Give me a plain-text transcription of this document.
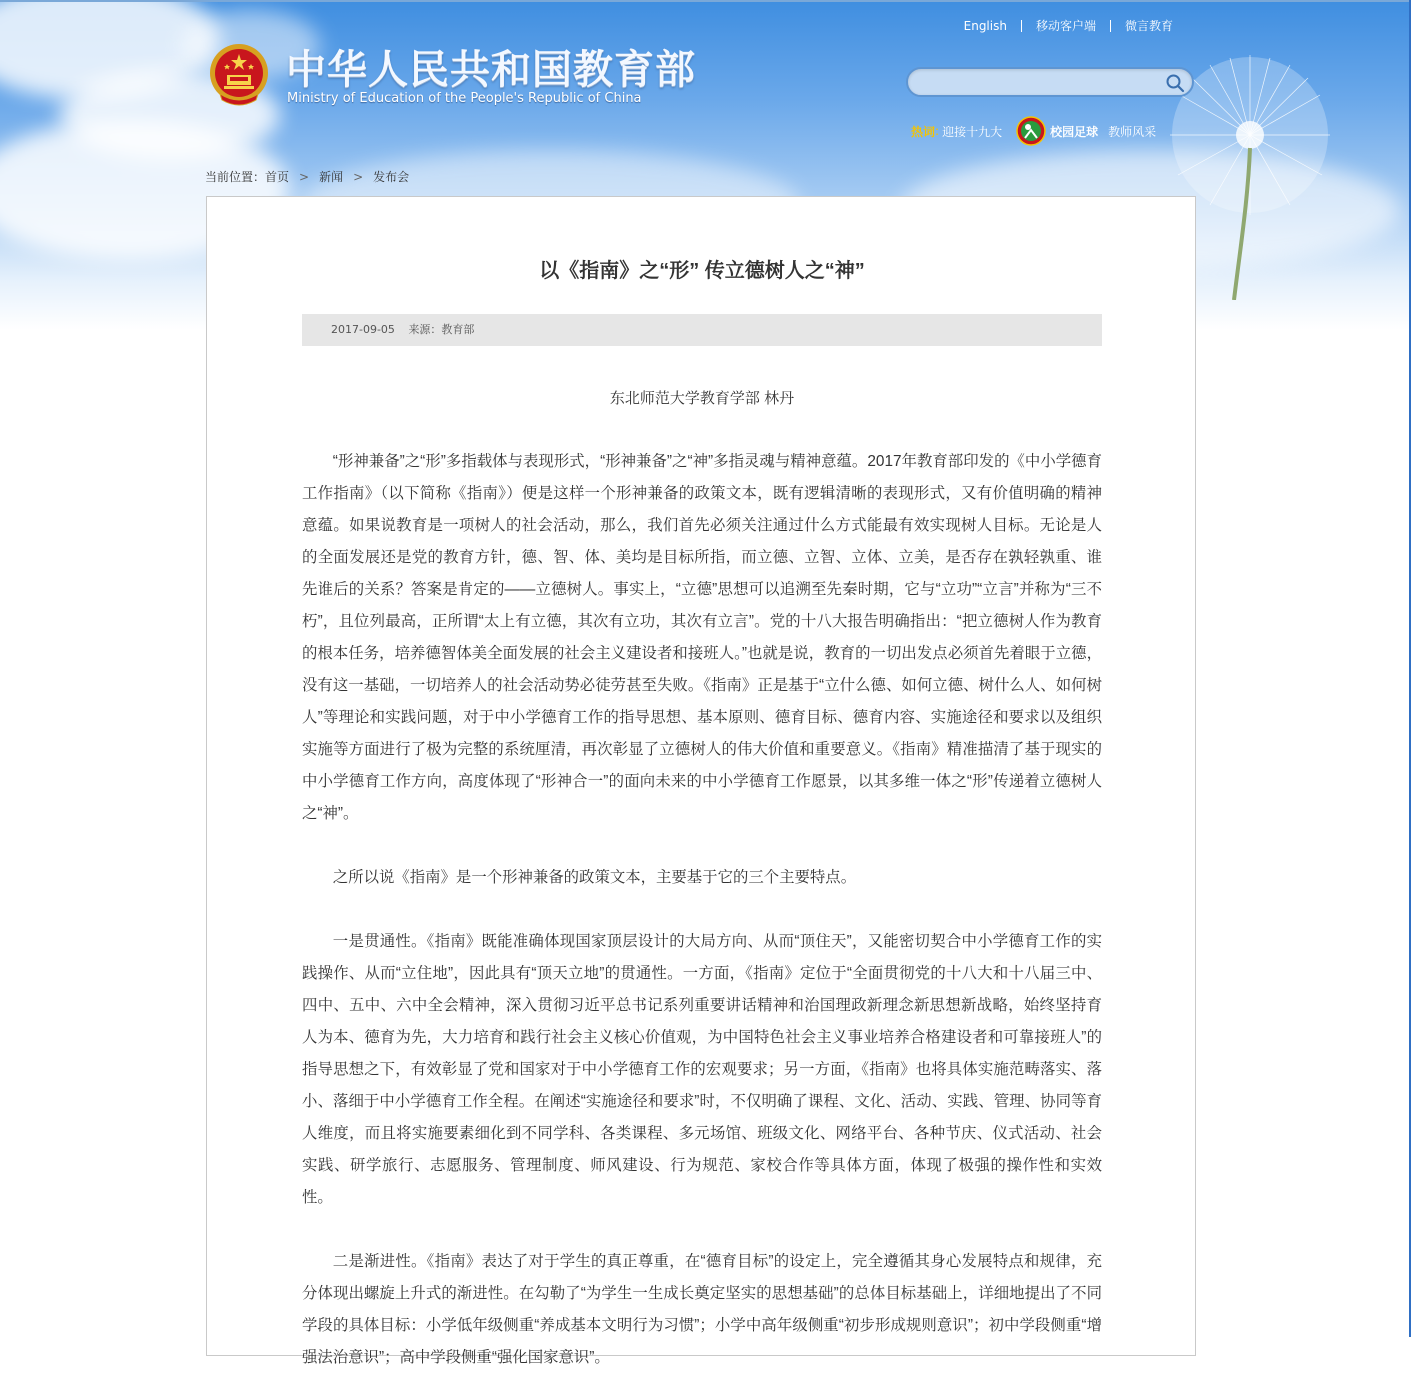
中华人民共和国教育部
Ministry of Education of the People's Republic of China
English 移动客户端 微言教育
热词 : 迎接十九大	校园足球 教师风采
当前位置： 首页 > 新闻 > 发布会
以《指南》之“形” 传立德树人之“神”
2017-09-05 来源：教育部
东北师范大学教育学部 林丹

“形神兼备”之“形”多指载体与表现形式，“形神兼备”之“神”多指灵魂与精神意蕴。2017年教育部印发的《中小学德育工作指南》（以下简称《指南》）便是这样一个形神兼备的政策文本，既有逻辑清晰的表现形式，又有价值明确的精神意蕴。如果说教育是一项树人的社会活动，那么，我们首先必须关注通过什么方式能最有效实现树人目标。无论是人的全面发展还是党的教育方针，德、智、体、美均是目标所指，而立德、立智、立体、立美，是否存在孰轻孰重、谁先谁后的关系？答案是肯定的——立德树人。事实上，“立德”思想可以追溯至先秦时期，它与“立功”“立言”并称为“三不朽”，且位列最高，正所谓“太上有立德，其次有立功，其次有立言”。党的十八大报告明确指出：“把立德树人作为教育的根本任务，培养德智体美全面发展的社会主义建设者和接班人。”也就是说，教育的一切出发点必须首先着眼于立德，没有这一基础，一切培养人的社会活动势必徒劳甚至失败。《指南》正是基于“立什么德、如何立德、树什么人、如何树人”等理论和实践问题，对于中小学德育工作的指导思想、基本原则、德育目标、德育内容、实施途径和要求以及组织实施等方面进行了极为完整的系统厘清，再次彰显了立德树人的伟大价值和重要意义。《指南》精准描清了基于现实的中小学德育工作方向，高度体现了“形神合一”的面向未来的中小学德育工作愿景，以其多维一体之“形”传递着立德树人之“神”。

之所以说《指南》是一个形神兼备的政策文本，主要基于它的三个主要特点。

一是贯通性。《指南》既能准确体现国家顶层设计的大局方向、从而“顶住天”，又能密切契合中小学德育工作的实践操作、从而“立住地”，因此具有“顶天立地”的贯通性。一方面，《指南》定位于“全面贯彻党的十八大和十八届三中、四中、五中、六中全会精神，深入贯彻习近平总书记系列重要讲话精神和治国理政新理念新思想新战略，始终坚持育人为本、德育为先，大力培育和践行社会主义核心价值观，为中国特色社会主义事业培养合格建设者和可靠接班人”的指导思想之下，有效彰显了党和国家对于中小学德育工作的宏观要求；另一方面，《指南》也将具体实施范畴落实、落小、落细于中小学德育工作全程。在阐述“实施途径和要求”时，不仅明确了课程、文化、活动、实践、管理、协同等育人维度，而且将实施要素细化到不同学科、各类课程、多元场馆、班级文化、网络平台、各种节庆、仪式活动、社会实践、研学旅行、志愿服务、管理制度、师风建设、行为规范、家校合作等具体方面，体现了极强的操作性和实效性。

二是渐进性。《指南》表达了对于学生的真正尊重，在“德育目标”的设定上，完全遵循其身心发展特点和规律，充分体现出螺旋上升式的渐进性。在勾勒了“为学生一生成长奠定坚实的思想基础”的总体目标基础上，详细地提出了不同学段的具体目标：小学低年级侧重“养成基本文明行为习惯”；小学中高年级侧重“初步形成规则意识”；初中学段侧重“增强法治意识”；高中学段侧重“强化国家意识”。
